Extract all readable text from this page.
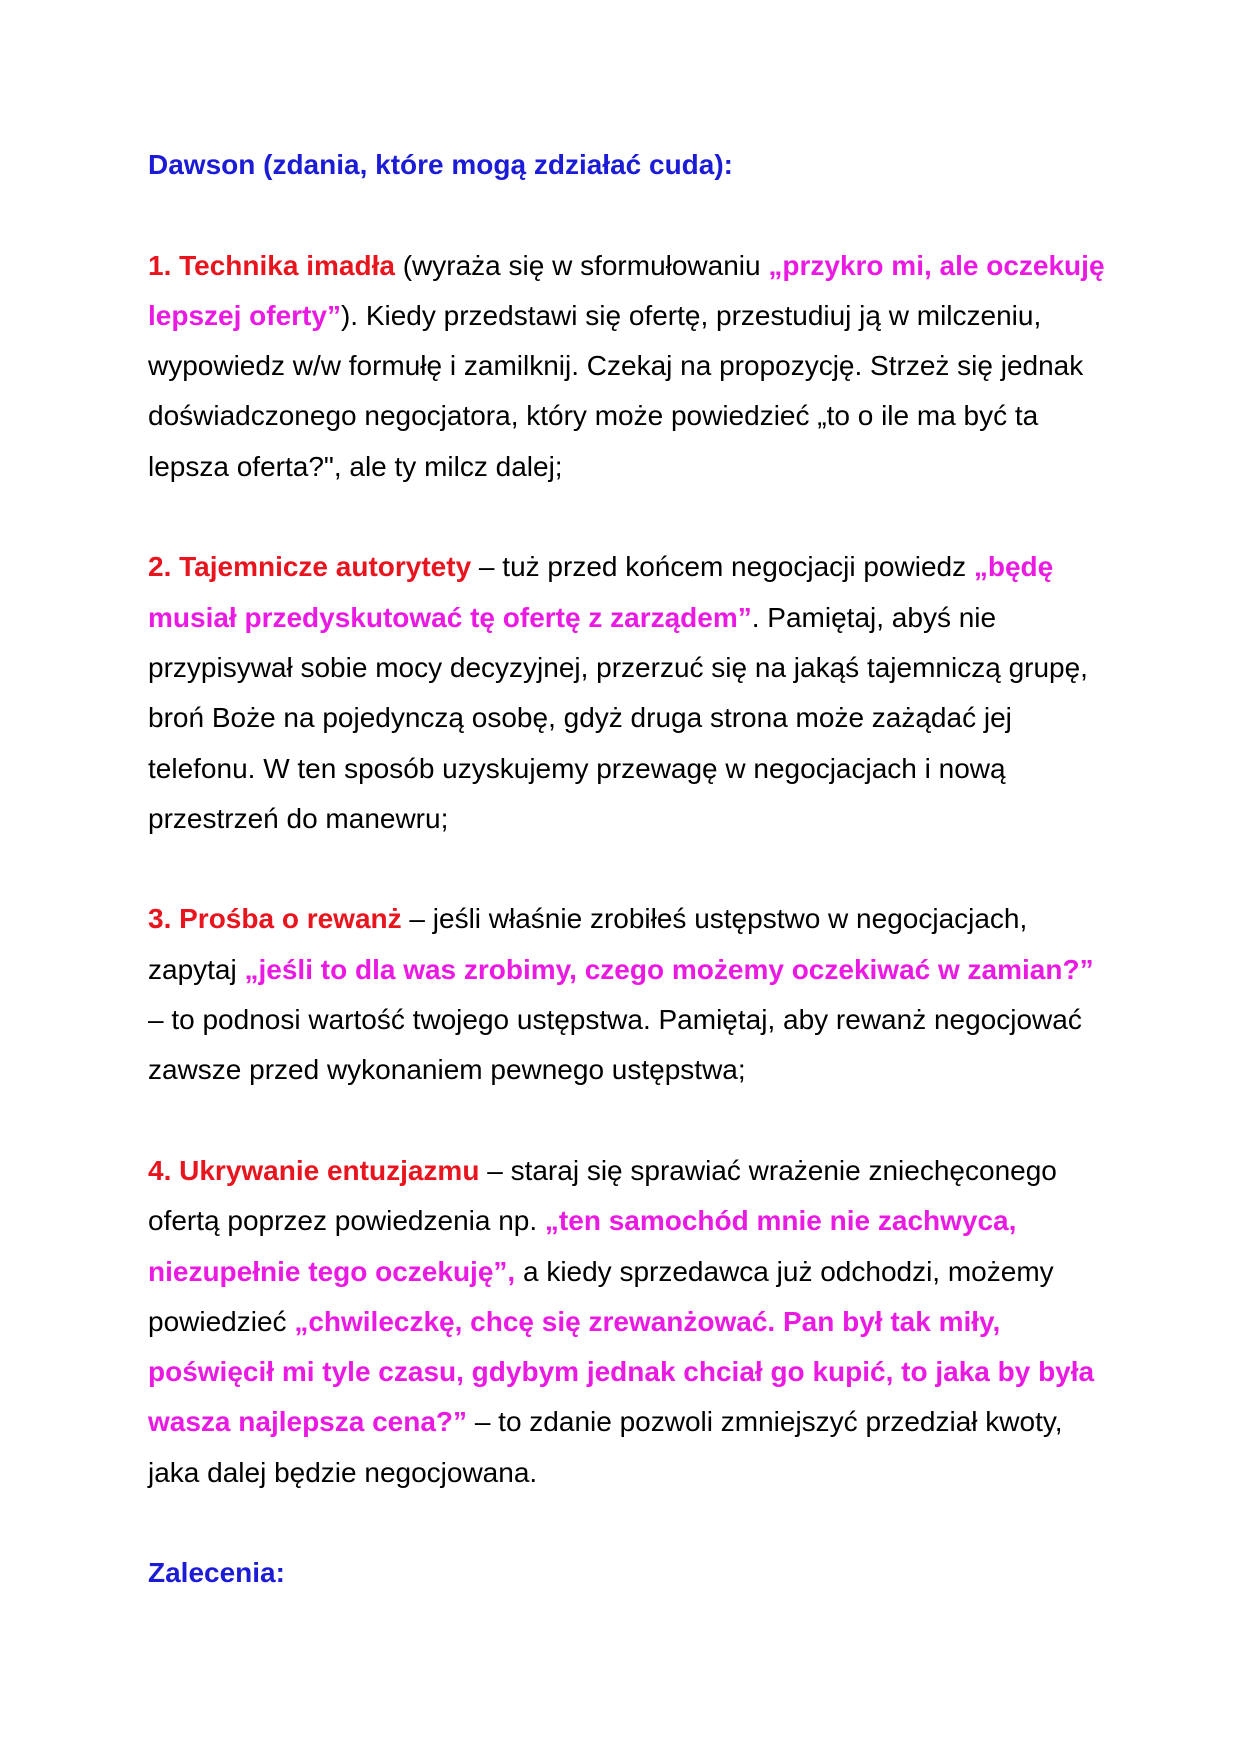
Dawson (zdania, które mogą zdziałać cuda):

1. Technika imadła (wyraża się w sformułowaniu „przykro mi, ale oczekuję lepszej oferty”). Kiedy przedstawi się ofertę, przestudiuj ją w milczeniu, wypowiedz w/w formułę i zamilknij. Czekaj na propozycję. Strzeż się jednak doświadczonego negocjatora, który może powiedzieć „to o ile ma być ta lepsza oferta?", ale ty milcz dalej;

2. Tajemnicze autorytety – tuż przed końcem negocjacji powiedz „będę musiał przedyskutować tę ofertę z zarządem”. Pamiętaj, abyś nie przypisywał sobie mocy decyzyjnej, przerzuć się na jakąś tajemniczą grupę, broń Boże na pojedynczą osobę, gdyż druga strona może zażądać jej telefonu. W ten sposób uzyskujemy przewagę w negocjacjach i nową przestrzeń do manewru;

3. Prośba o rewanż – jeśli właśnie zrobiłeś ustępstwo w negocjacjach, zapytaj „jeśli to dla was zrobimy, czego możemy oczekiwać w zamian?” – to podnosi wartość twojego ustępstwa. Pamiętaj, aby rewanż negocjować zawsze przed wykonaniem pewnego ustępstwa;

4. Ukrywanie entuzjazmu – staraj się sprawiać wrażenie zniechęconego ofertą poprzez powiedzenia np. „ten samochód mnie nie zachwyca, niezupełnie tego oczekuję”, a kiedy sprzedawca już odchodzi, możemy powiedzieć „chwileczkę, chcę się zrewanżować. Pan był tak miły, poświęcił mi tyle czasu, gdybym jednak chciał go kupić, to jaka by była wasza najlepsza cena?” – to zdanie pozwoli zmniejszyć przedział kwoty, jaka dalej będzie negocjowana.

Zalecenia:
